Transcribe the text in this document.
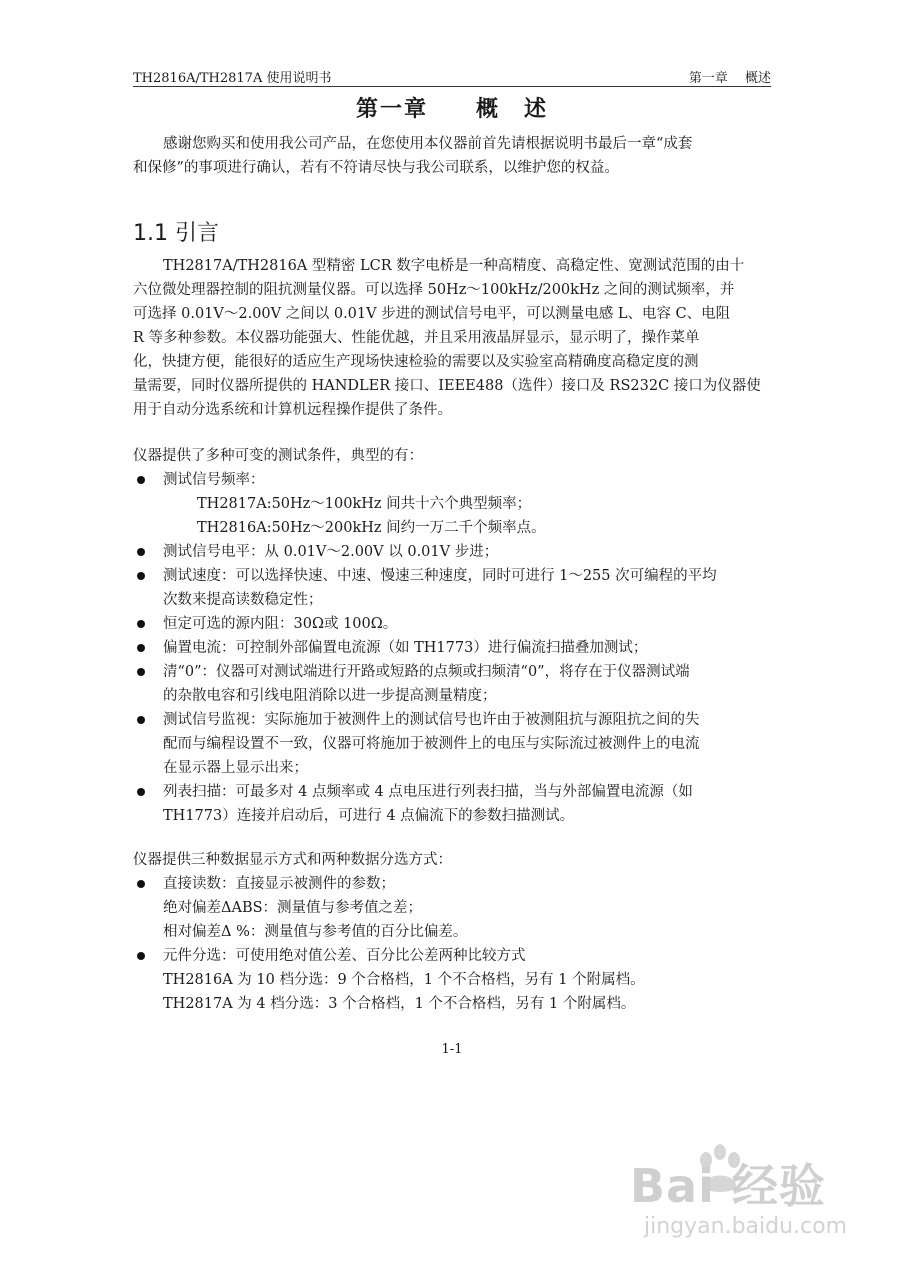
TH2816A/TH2817A 使用说明书	第一章　 概述
第一章　　概　述
感谢您购买和使用我公司产品，在您使用本仪器前首先请根据说明书最后一章“成套
和保修”的事项进行确认，若有不符请尽快与我公司联系，以维护您的权益。
1.1 引言
TH2817A/TH2816A 型精密 LCR 数字电桥是一种高精度、高稳定性、宽测试范围的由十
六位微处理器控制的阻抗测量仪器。可以选择 50Hz～100kHz/200kHz 之间的测试频率，并
可选择 0.01V～2.00V 之间以 0.01V 步进的测试信号电平，可以测量电感 L、电容 C、电阻
R 等多种参数。本仪器功能强大、性能优越，并且采用液晶屏显示，显示明了，操作菜单
化，快捷方便，能很好的适应生产现场快速检验的需要以及实验室高精确度高稳定度的测
量需要，同时仪器所提供的 HANDLER 接口、IEEE488（选件）接口及 RS232C 接口为仪器使
用于自动分选系统和计算机远程操作提供了条件。
仪器提供了多种可变的测试条件，典型的有：
测试信号频率：
TH2817A:50Hz～100kHz 间共十六个典型频率；
TH2816A:50Hz～200kHz 间约一万二千个频率点。
测试信号电平：从 0.01V～2.00V 以 0.01V 步进；
测试速度：可以选择快速、中速、慢速三种速度，同时可进行 1～255 次可编程的平均
次数来提高读数稳定性；
恒定可选的源内阻：30Ω或 100Ω。
偏置电流：可控制外部偏置电流源（如 TH1773）进行偏流扫描叠加测试；
清“0”：仪器可对测试端进行开路或短路的点频或扫频清“0”，将存在于仪器测试端
的杂散电容和引线电阻消除以进一步提高测量精度；
测试信号监视：实际施加于被测件上的测试信号也许由于被测阻抗与源阻抗之间的失
配而与编程设置不一致，仪器可将施加于被测件上的电压与实际流过被测件上的电流
在显示器上显示出来；
列表扫描：可最多对 4 点频率或 4 点电压进行列表扫描，当与外部偏置电流源（如
TH1773）连接并启动后，可进行 4 点偏流下的参数扫描测试。
仪器提供三种数据显示方式和两种数据分选方式：
直接读数：直接显示被测件的参数；
绝对偏差ΔABS：测量值与参考值之差；
相对偏差Δ %：测量值与参考值的百分比偏差。
元件分选：可使用绝对值公差、百分比公差两种比较方式
TH2816A 为 10 档分选：9 个合格档，1 个不合格档，另有 1 个附属档。
TH2817A 为 4 档分选：3 个合格档，1 个不合格档，另有 1 个附属档。
1-1
Bai 经验
jingyan.baidu.com
